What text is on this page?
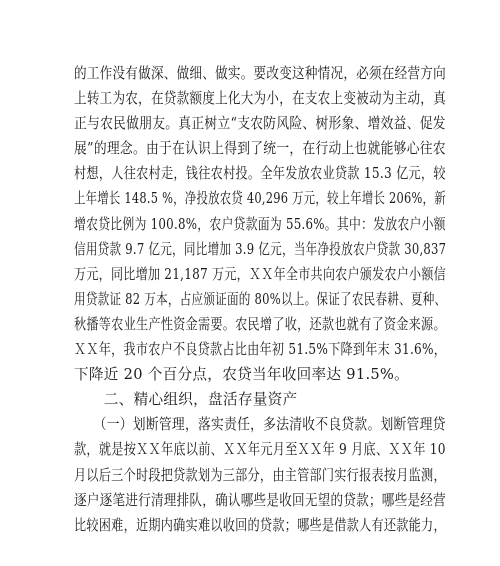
的工作没有做深、做细、做实。要改变这种情况，必须在经营方向
上转工为农，在贷款额度上化大为小，在支农上变被动为主动，真
正与农民做朋友。真正树立“支农防风险、树形象、增效益、促发
展”的理念。由于在认识上得到了统一，在行动上也就能够心往农
村想，人往农村走，钱往农村投。全年发放农业贷款 15.3 亿元，较
上年增长 148.5 %，净投放农贷 40,296 万元，较上年增长 206%，新
增农贷比例为 100.8%，农户贷款面为 55.6%。其中：发放农户小额
信用贷款 9.7 亿元，同比增加 3.9 亿元，当年净投放农户贷款 30,837
万元，同比增加 21,187 万元，ＸＸ年全市共向农户颁发农户小额信
用贷款证 82 万本，占应颁证面的 80%以上。保证了农民春耕、夏种、
秋播等农业生产性资金需要。农民增了收，还款也就有了资金来源。
ＸＸ年，我市农户不良贷款占比由年初 51.5%下降到年末 31.6%，
下降近 20 个百分点，农贷当年收回率达 91.5%。
　　二、精心组织，盘活存量资产
　　（一）划断管理，落实责任，多法清收不良贷款。划断管理贷
款，就是按ＸＸ年底以前、ＸＸ年元月至ＸＸ年 9 月底、ＸＸ年 10
月以后三个时段把贷款划为三部分，由主管部门实行报表按月监测，
逐户逐笔进行清理排队，确认哪些是收回无望的贷款；哪些是经营
比较困难，近期内确实难以收回的贷款；哪些是借款人有还款能力，
